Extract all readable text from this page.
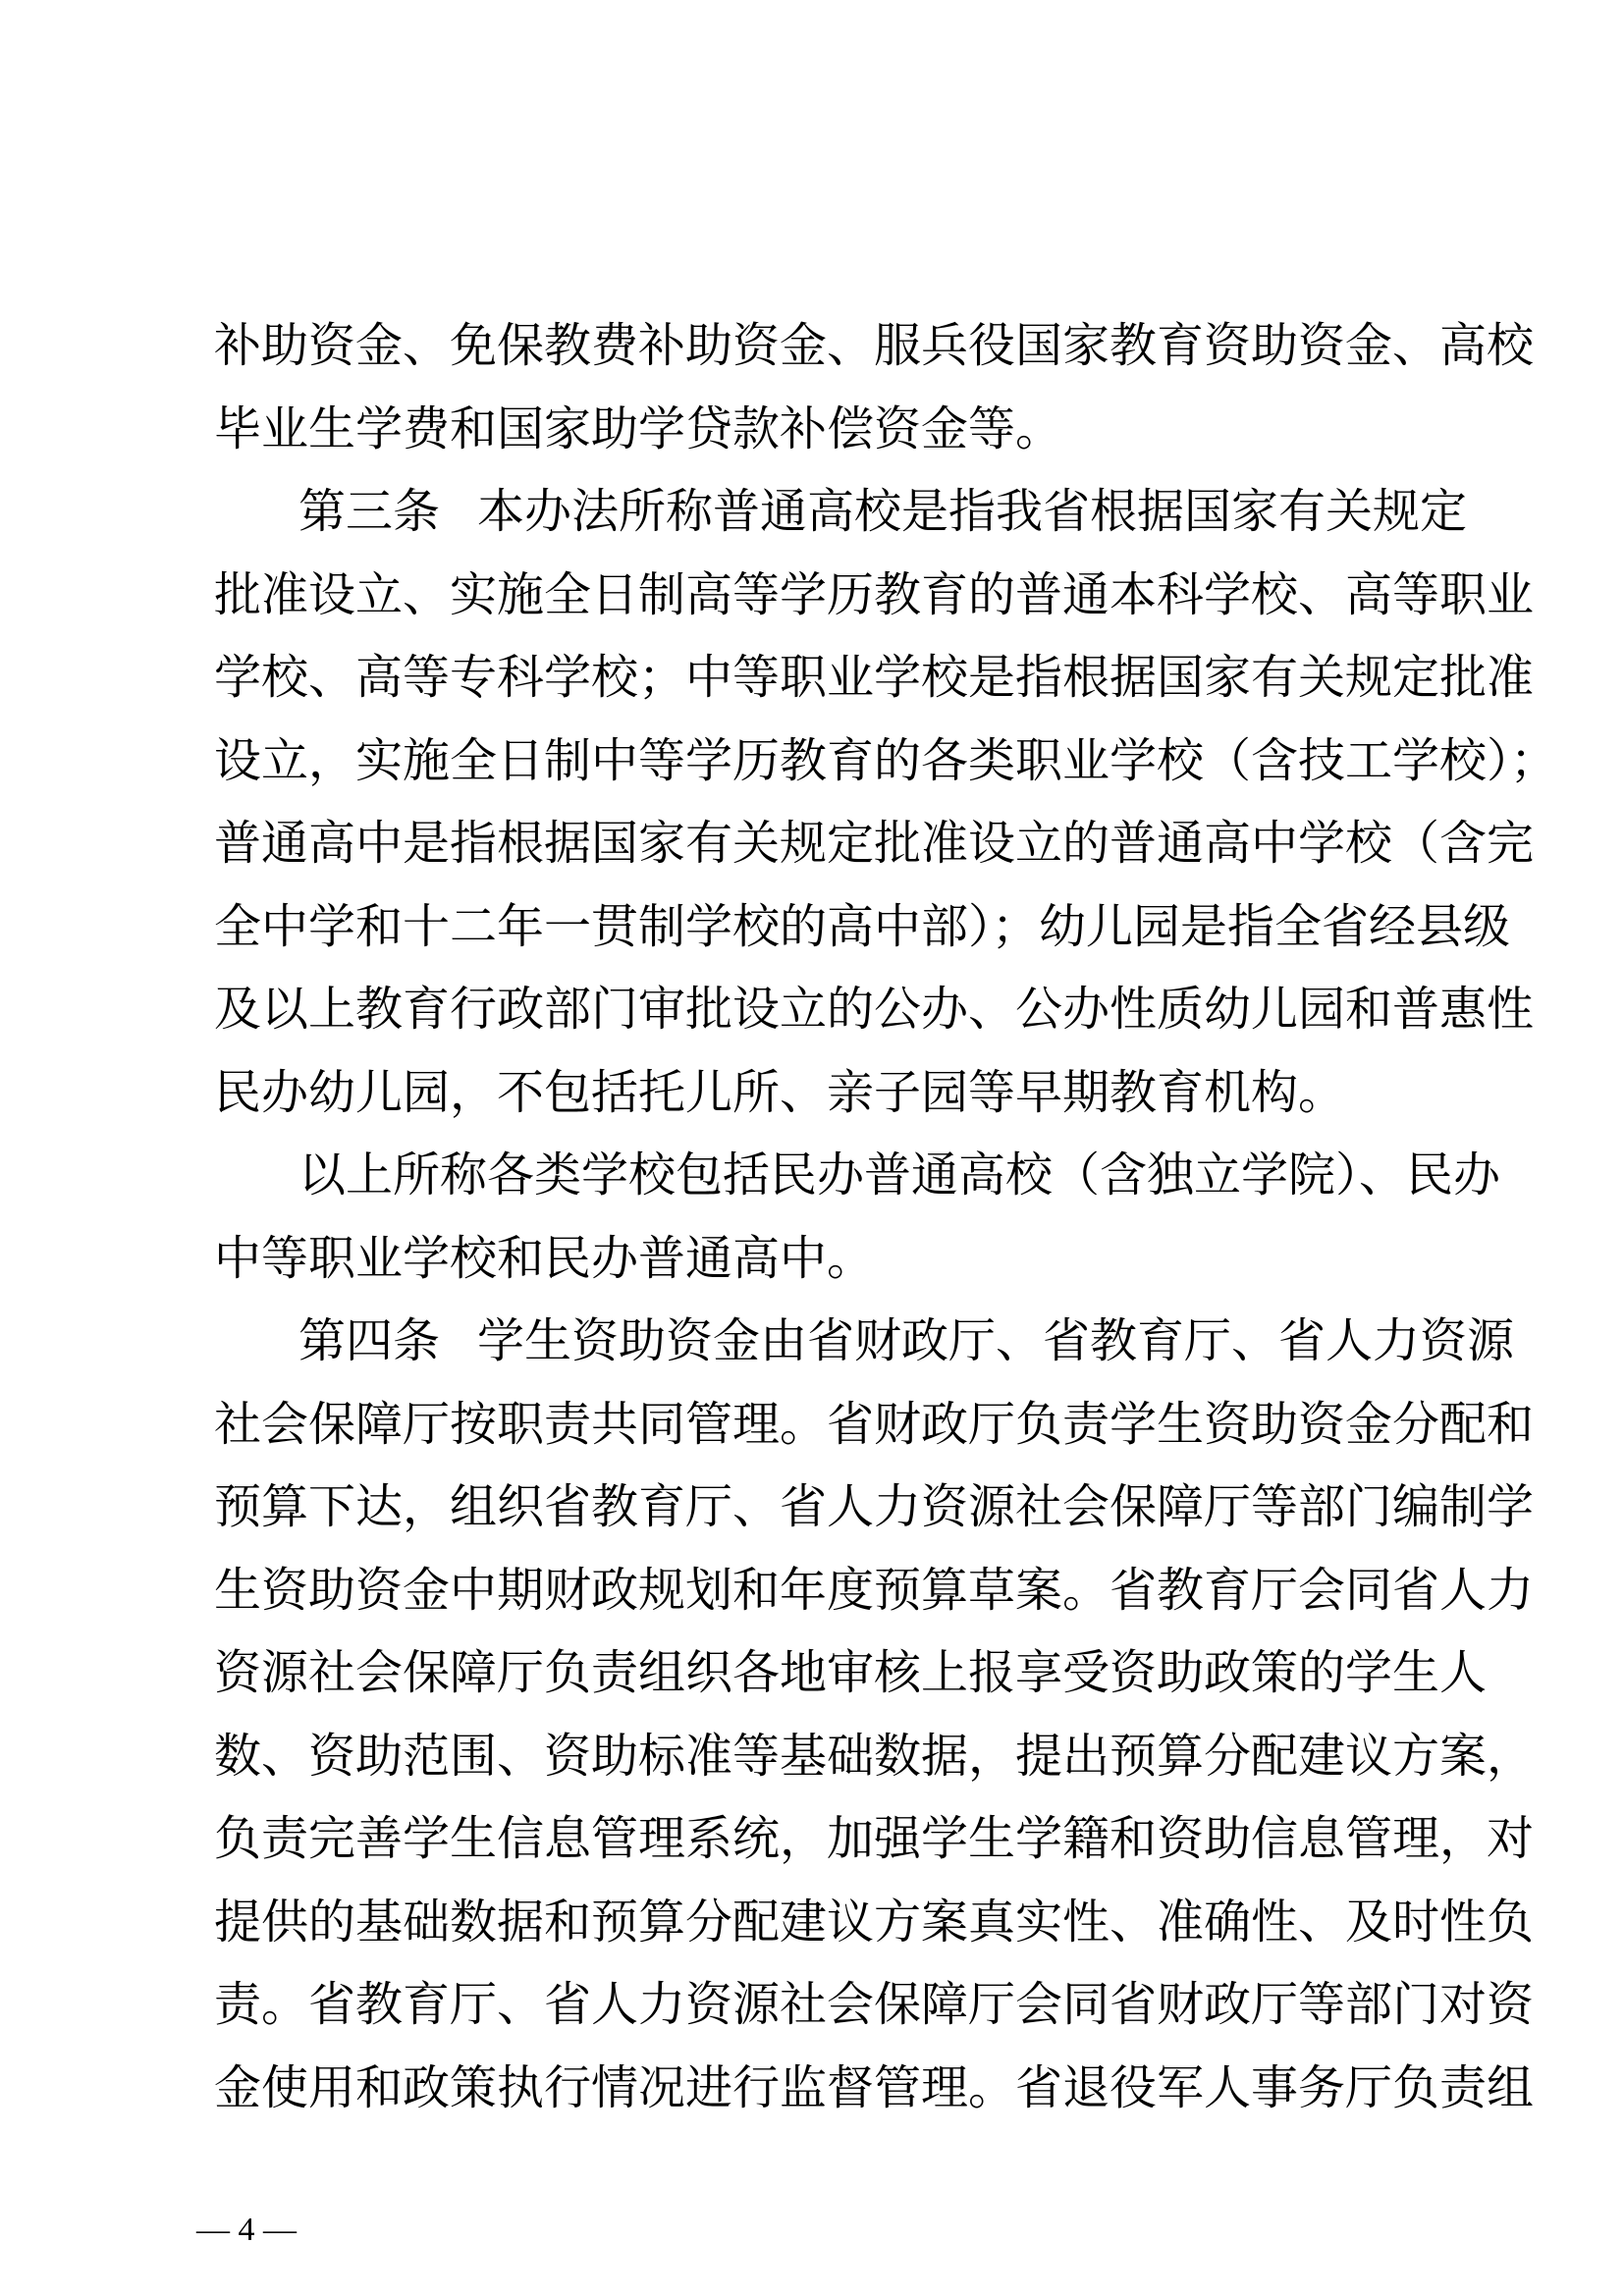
补助资金、免保教费补助资金、服兵役国家教育资助资金、高校
毕业生学费和国家助学贷款补偿资金等。
第三条 本办法所称普通高校是指我省根据国家有关规定
批准设立、实施全日制高等学历教育的普通本科学校、高等职业
学校、高等专科学校；中等职业学校是指根据国家有关规定批准
设立，实施全日制中等学历教育的各类职业学校（含技工学校）；
普通高中是指根据国家有关规定批准设立的普通高中学校（含完
全中学和十二年一贯制学校的高中部）；幼儿园是指全省经县级
及以上教育行政部门审批设立的公办、公办性质幼儿园和普惠性
民办幼儿园，不包括托儿所、亲子园等早期教育机构。
以上所称各类学校包括民办普通高校（含独立学院）、民办
中等职业学校和民办普通高中。
第四条 学生资助资金由省财政厅、省教育厅、省人力资源
社会保障厅按职责共同管理。省财政厅负责学生资助资金分配和
预算下达，组织省教育厅、省人力资源社会保障厅等部门编制学
生资助资金中期财政规划和年度预算草案。省教育厅会同省人力
资源社会保障厅负责组织各地审核上报享受资助政策的学生人
数、资助范围、资助标准等基础数据，提出预算分配建议方案，
负责完善学生信息管理系统，加强学生学籍和资助信息管理，对
提供的基础数据和预算分配建议方案真实性、准确性、及时性负
责。省教育厅、省人力资源社会保障厅会同省财政厅等部门对资
金使用和政策执行情况进行监督管理。省退役军人事务厅负责组
— 4 —
